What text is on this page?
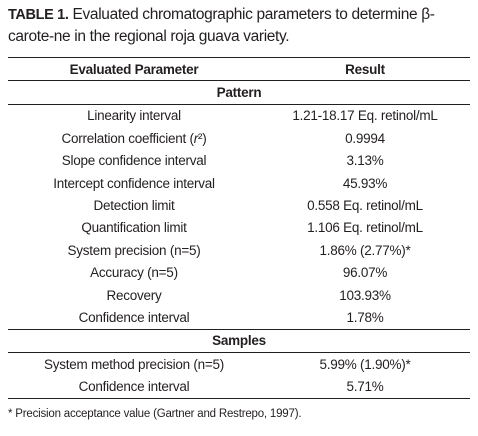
TABLE 1. Evaluated chromatographic parameters to determine β-carote-ne in the regional roja guava variety.
Evaluated Parameter	Result
Pattern	
Linearity interval	1.21-18.17 Eq. retinol/mL
Correlation coefficient (r²)	0.9994
Slope confidence interval	3.13%
Intercept confidence interval	45.93%
Detection limit	0.558 Eq. retinol/mL
Quantification limit	1.106 Eq. retinol/mL
System precision (n=5)	1.86% (2.77%)*
Accuracy (n=5)	96.07%
Recovery	103.93%
Confidence interval	1.78%
Samples	
System method precision (n=5)	5.99% (1.90%)*
Confidence interval	5.71%
* Precision acceptance value (Gartner and Restrepo, 1997).
